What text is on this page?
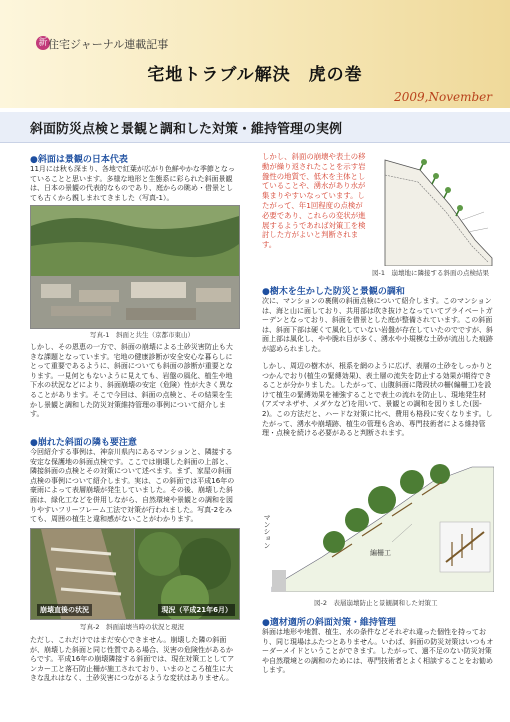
新 住宅ジャーナル連載記事
宅地トラブル解決　虎の巻
2009,November
斜面防災点検と景観と調和した対策・維持管理の実例
●斜面は景観の日本代表
11月には秋も深まり、各地で紅葉が広がり色鮮やかな季節となっていることと思います。多様な地形と生態系に彩られた斜面景観は、日本の景観の代表的なものであり、庭からの眺め・借景としても古くから親しまれてきました（写真-1）。
写真-1　斜面と共生（京都市東山）
しかし、その恩恵の一方で、斜面の崩壊による土砂災害防止も大きな課題となっています。宅地の健康診断が安全安心な暮らしにとって重要であるように、斜面についても斜面の診断が重要となります。一見何ともないように見えても、岩盤の風化、植生や地下水の状況などにより、斜面崩壊の安定（危険）性が大きく異なることがあります。そこで今回は、斜面の点検と、その結果を生かし景観と調和した防災対策維持管理の事例について紹介します。
●崩れた斜面の隣も要注意
今回紹介する事例は、神奈川県内にあるマンションと、隣接する安定な保護地の斜面点検です。ここでは崩壊した斜面の上部と、隣接斜面の点検とその対策について述べます。まず、家屋の斜面点検の事例について紹介します。実は、この斜面では平成16年の豪雨によって表層崩壊が発生していました。その後、崩壊した斜面は、緑化工などを併用しながら、自然環境や景観との調和を図りやすいフリーフレーム工法で対策が行われました。写真-2をみても、周囲の植生と違和感がないことがわかります。
崩壊直後の状況	現況（平成21年6月）
写真-2　斜面崩壊当時の状況と現況
ただし、これだけではまだ安心できません。崩壊した隣の斜面が、崩壊した斜面と同じ性質である場合、災害の危険性があるからです。平成16年の崩壊隣接する斜面では、現在対策工としてアンカー工と落石防止柵が施工されており、いまのところ植生に大きな乱れはなく、土砂災害につながるような変状はありません。
しかし、斜面の崩壊や表土の移動が繰り返されたことを示す岩盤性の地質で、低木を主体としていることや、湧水があり水が集まりやすいなっています。したがって、年1回程度の点検が必要であり、これらの変状が進展するようであれば対策工を検討した方がよいと判断されます。
図-1　崩壊地に隣接する斜面の点検結果
●樹木を生かした防災と景観の調和
次に、マンションの裏側の斜面点検について紹介します。このマンションは、海と山に面しており、共用部は吹き抜けとなっていてプライベートガーデンとなっており、斜面を借景とした庭が整備されています。この斜面は、斜面下部は硬くて風化していない岩盤が存在していたのでですが、斜面上部は風化し、やや脆れ目が多く、湧水や小規模な土砂が流出した痕跡が認められました。
しかし、周辺の樹木が、根系を網のように広げ、表層の土砂をしっかりとつかんでおり(植生の緊縛効果)、表土層の流失を防止する効果が期待できることが分かりました。したがって、山腹斜面に階段状の柵(編柵工)を設けて植生の緊縛効果を補強することで表土の流れを防止し、現地発生材(アズマネザサ、メダケなど)を用いて、景観との調和を図りました(図-2)。この方法だと、ハードな対策に比べ、費用も格段に安くなります。したがって、湧水や崩壊跡、植生の管理も含め、専門技術者による維持管理・点検を続ける必要があると判断されます。
マンション
編柵工
図-2　表層崩壊防止と景観調和した対策工
●適材適所の斜面対策・維持管理
斜面は地形や地質、植生、水の条件などそれぞれ違った個性を持っており、同じ現場はふたつとありません。いわば、斜面の防災対策はいつもオーダーメイドということができます。したがって、過不足のない防災対策や自然環境との調和のためには、専門技術者とよく相談することをお勧めします。
